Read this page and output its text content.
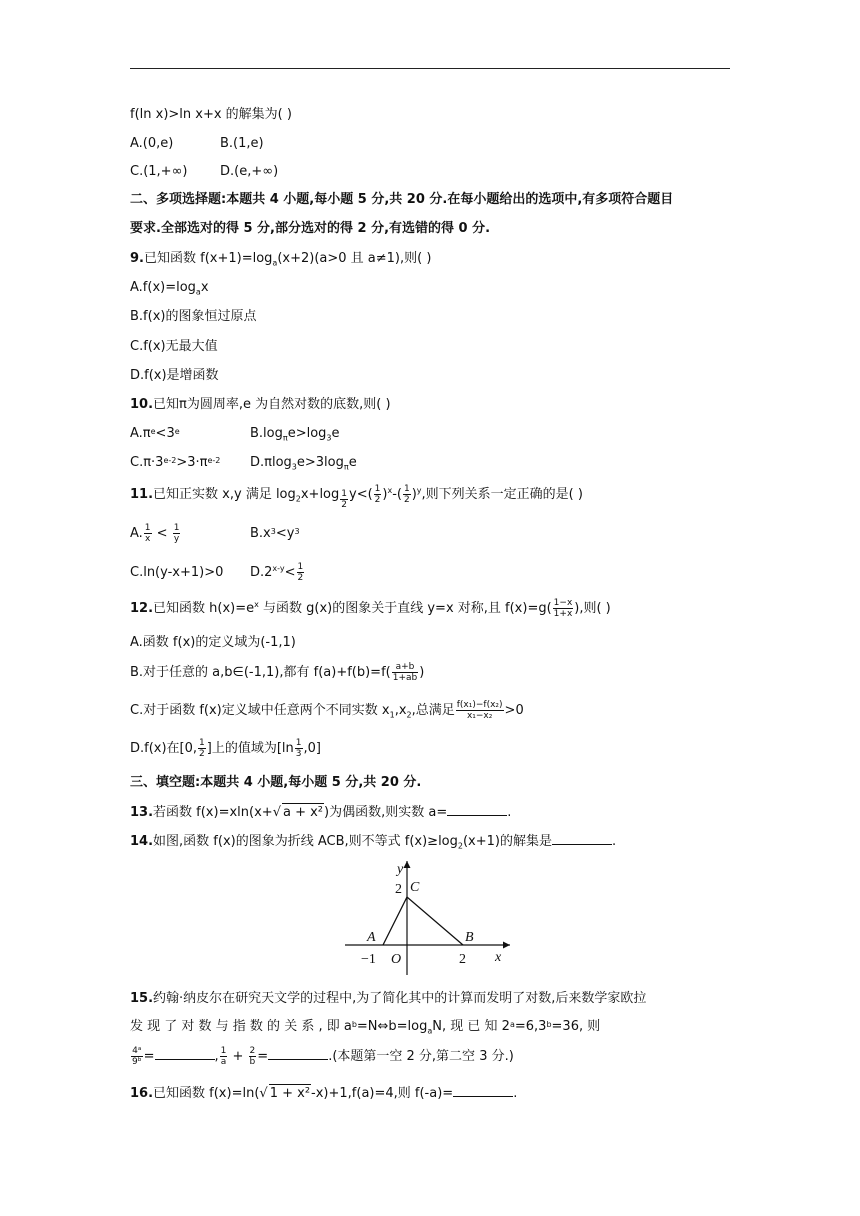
f(ln x)>ln x+x 的解集为( )
A.(0,e)	B.(1,e)
C.(1,+∞)	D.(e,+∞)
二、多项选择题:本题共 4 小题,每小题 5 分,共 20 分.在每小题给出的选项中,有多项符合题目
要求.全部选对的得 5 分,部分选对的得 2 分,有选错的得 0 分.
9.已知函数 $f(x+1)=\log_a(x+2)(a>0$ 且 a≠1),则( )
$A.f(x)=\log_ax$
B.f(x)的图象恒过原点
C.f(x)无最大值
D.f(x)是增函数
10.已知π为圆周率,e 为自然对数的底数,则( )
$A.\pi^e<3^e$	$B.\log_\pi e>\log_3e$
$C.\pi\cdot 3^{e-2}>3\cdot\pi^{e-2}$ $D.\pi\log_3e>3\log_\pi e$
11.已知正实数 x,y 满足 $\log_2x+\log$ $_{\frac{1}{2}}$ $y<( \frac{1}{2} )^x-( \frac{1}{2} )^y$,则下列关系一定正确的是( )
A. $\frac{1}{x} < \frac{1}{y}$	$B.x^3<y^3$
C.ln(y-x+1)>0 $D.2^{x-y}< \frac{1}{2}$
12.已知函数 $h(x)=e^x$ 与函数 g(x)的图象关于直线 y=x 对称,且 $f(x)=g( \frac{1-x}{1+x}$ ),则( )
A.函数 f(x)的定义域为(-1,1)
B.对于任意的 a,b∈(-1,1),都有 $f(a)+f(b)=f( \frac{a+b}{1+ab}$ )
C.对于函数 f(x)定义域中任意两个不同实数 $x_1,x_2$,总满足 $\frac{\text{f(x₁)−f(x₂)}}{\text{x₁−x₂}} >0$
D.f(x)在[0, $\frac{1}{2}$ ]上的值域为$[\ln \frac{1}{3} ,0]$
三、填空题:本题共 4 小题,每小题 5 分,共 20 分.
13.若函数 f(x)=xln(x+√ a + x²)为偶函数,则实数 a=	.
14.如图,函数 f(x)的图象为折线 ACB,则不等式 $f(x)\ge\log_2(x+1)$的解集是	.
y
x
2 C
A	B
−1 O	2
15.约翰·纳皮尔在研究天文学的过程中,为了简化其中的计算而发明了对数,后来数学家欧拉
发 现 了 对 数 与 指 数 的 关 系 , 即 $a^b=N\Leftrightarrow b=\log_aN$, 现 已 知 $2^a=6,3^b=36$, 则
$\frac{\text{4ᵃ}}{\text{9ᵇ}}$ =	, $\frac{1}{a} + \frac{2}{b}$ =	.(本题第一空 2 分,第二空 3 分.)
16.已知函数 f(x)=ln(√ 1 + x²-x)+1,f(a)=4,则 f(-a)=	.
